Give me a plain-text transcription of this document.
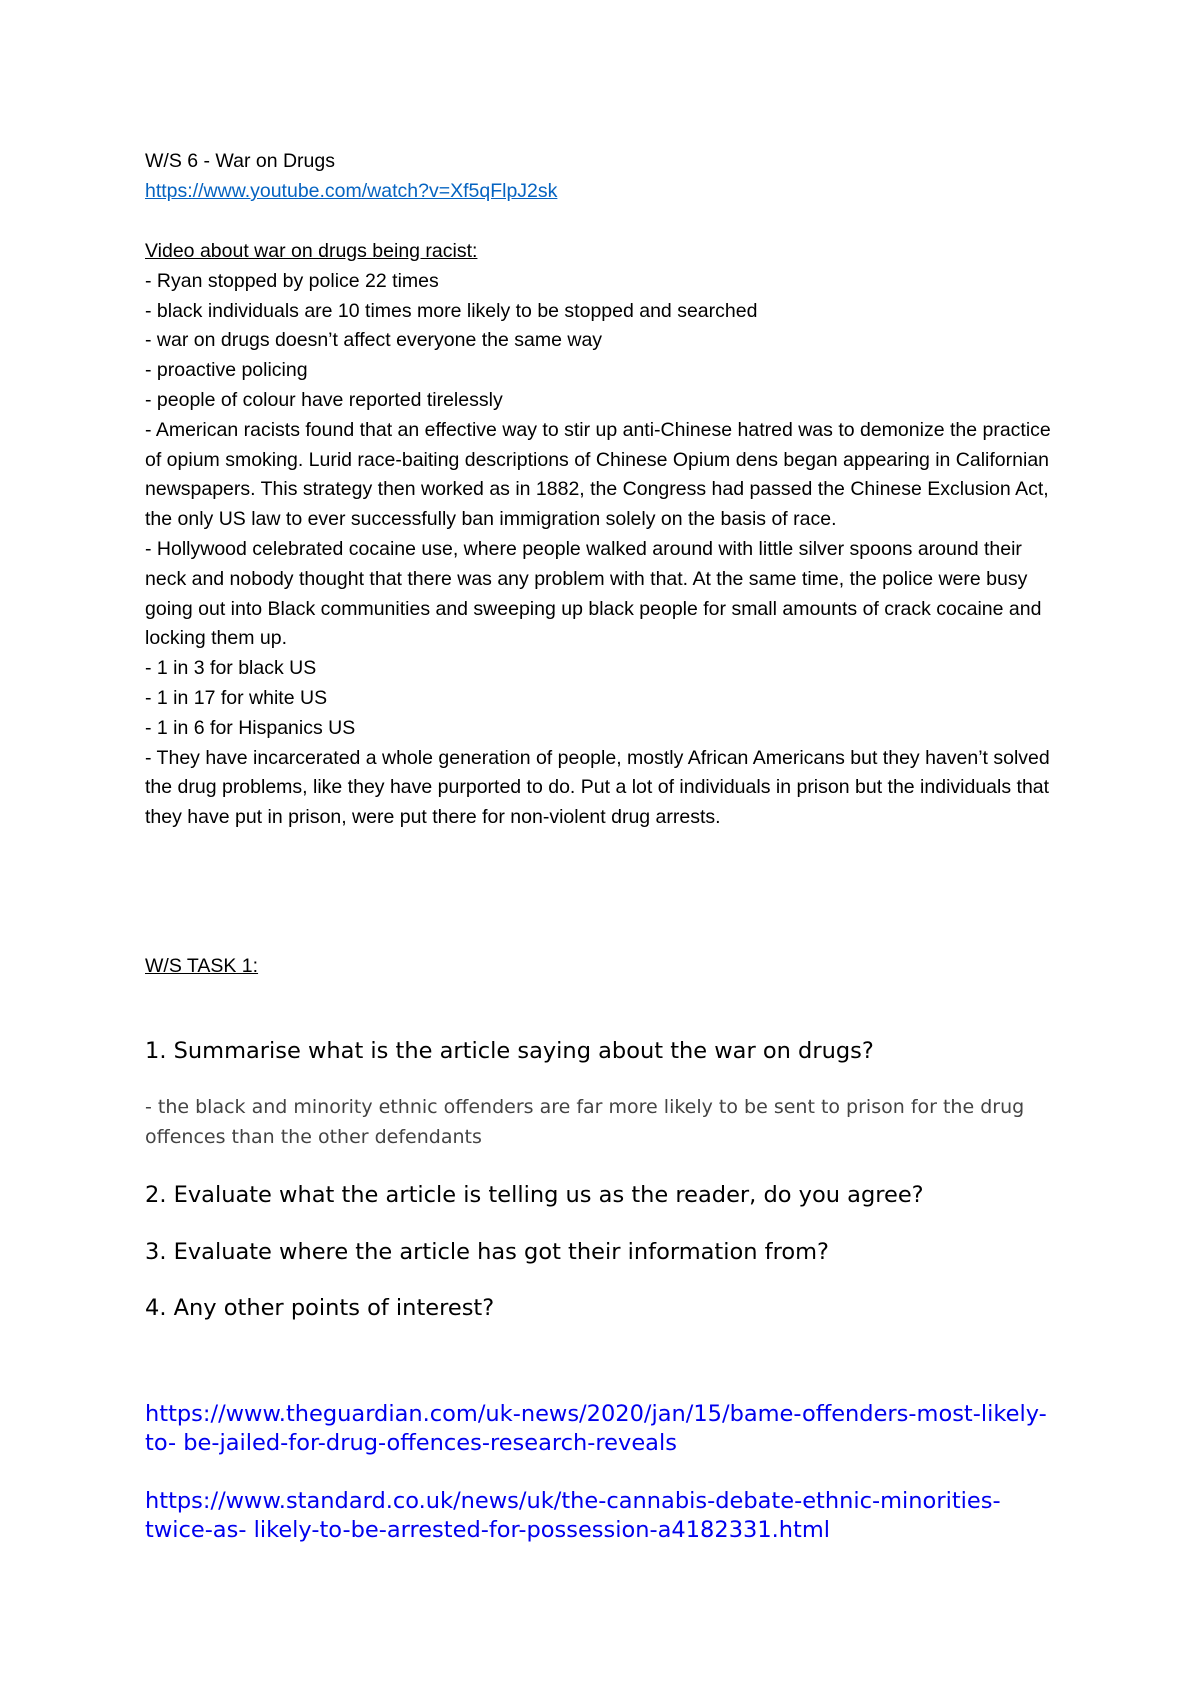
W/S 6 - War on Drugs
https://www.youtube.com/watch?v=Xf5qFlpJ2sk
Video about war on drugs being racist:
- Ryan stopped by police 22 times
- black individuals are 10 times more likely to be stopped and searched
- war on drugs doesn’t affect everyone the same way
- proactive policing
- people of colour have reported tirelessly
- American racists found that an effective way to stir up anti-Chinese hatred was to demonize the practice of opium smoking. Lurid race-baiting descriptions of Chinese Opium dens began appearing in Californian newspapers. This strategy then worked as in 1882, the Congress had passed the Chinese Exclusion Act, the only US law to ever successfully ban immigration solely on the basis of race.
- Hollywood celebrated cocaine use, where people walked around with little silver spoons around their neck and nobody thought that there was any problem with that. At the same time, the police were busy going out into Black communities and sweeping up black people for small amounts of crack cocaine and locking them up.
- 1 in 3 for black US
- 1 in 17 for white US
- 1 in 6 for Hispanics US
- They have incarcerated a whole generation of people, mostly African Americans but they haven’t solved the drug problems, like they have purported to do. Put a lot of individuals in prison but the individuals that they have put in prison, were put there for non-violent drug arrests.
W/S TASK 1:
1. Summarise what is the article saying about the war on drugs?

- the black and minority ethnic offenders are far more likely to be sent to prison for the drug offences than the other defendants

2. Evaluate what the article is telling us as the reader, do you agree?
3. Evaluate where the article has got their information from?
4. Any other points of interest?
https://www.theguardian.com/uk-news/2020/jan/15/bame-offenders-most-likely-to- be-jailed-for-drug-offences-research-reveals
https://www.standard.co.uk/news/uk/the-cannabis-debate-ethnic-minorities-twice-as- likely-to-be-arrested-for-possession-a4182331.html
